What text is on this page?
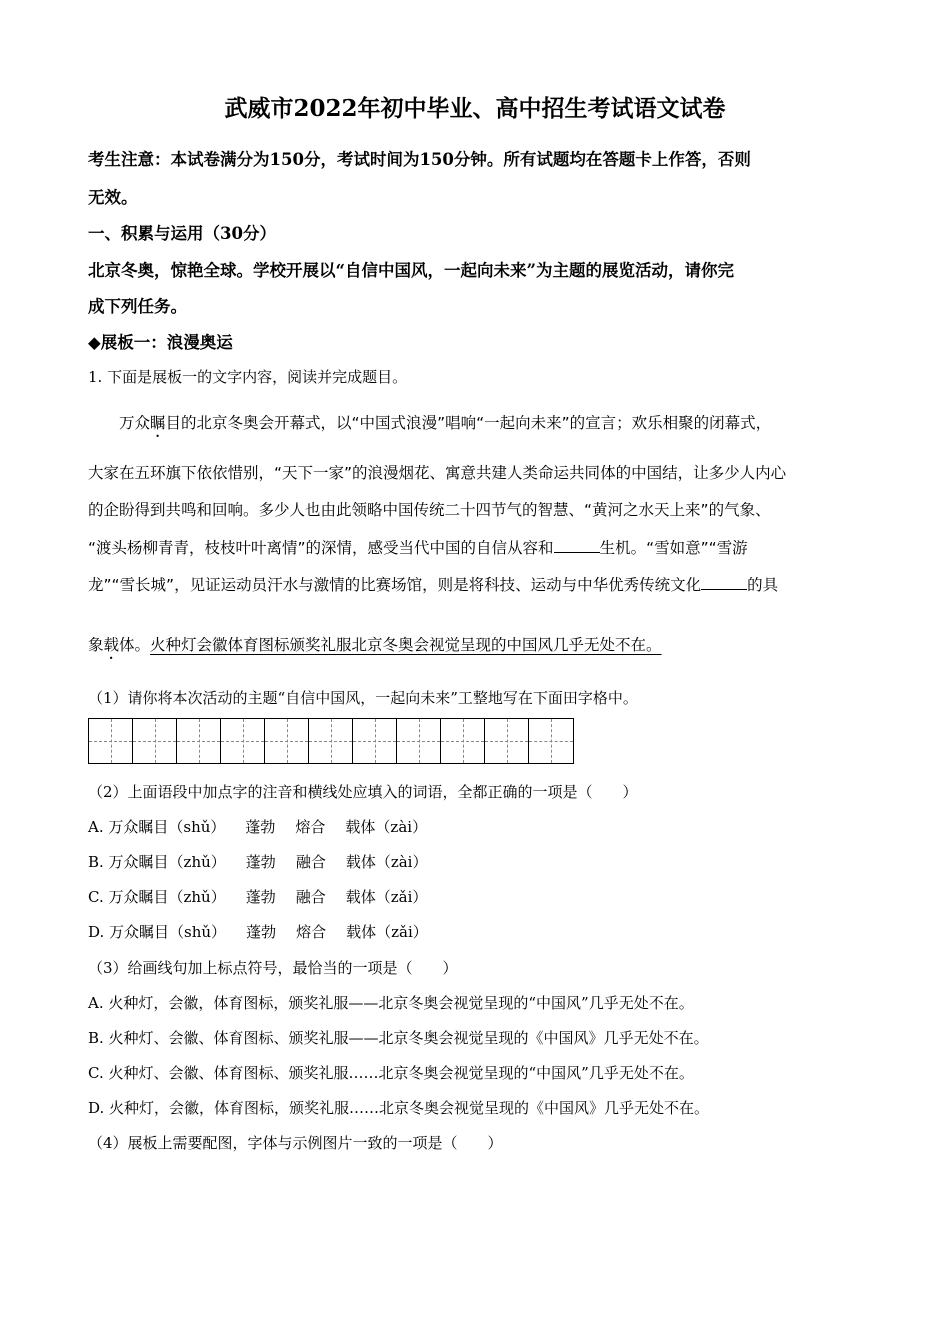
武威市2022年初中毕业、高中招生考试语文试卷
考生注意：本试卷满分为150分，考试时间为150分钟。所有试题均在答题卡上作答，否则
无效。
一、积累与运用（30分）
北京冬奥，惊艳全球。学校开展以“自信中国风，一起向未来”为主题的展览活动，请你完
成下列任务。
◆展板一：浪漫奥运
1. 下面是展板一的文字内容，阅读并完成题目。
万众瞩目的北京冬奥会开幕式，以“中国式浪漫”唱响“一起向未来”的宣言；欢乐相聚的闭幕式，
大家在五环旗下依依惜别，“天下一家”的浪漫烟花、寓意共建人类命运共同体的中国结，让多少人内心
的企盼得到共鸣和回响。多少人也由此领略中国传统二十四节气的智慧、“黄河之水天上来”的气象、
“渡头杨柳青青，枝枝叶叶离情”的深情，感受当代中国的自信从容和	生机。“雪如意”“雪游
龙”“雪长城”，见证运动员汗水与激情的比赛场馆，则是将科技、运动与中华优秀传统文化	的具
象载体。火种灯会徽体育图标颁奖礼服北京冬奥会视觉呈现的中国风几乎无处不在。
（1）请你将本次活动的主题“自信中国风，一起向未来”工整地写在下面田字格中。
（2）上面语段中加点字的注音和横线处应填入的词语，全都正确的一项是（　　）
A. 万众瞩目（shǔ） 蓬勃 熔合 载体（zài）
B. 万众瞩目（zhǔ） 蓬勃 融合 载体（zài）
C. 万众瞩目（zhǔ） 蓬勃 融合 载体（zǎi）
D. 万众瞩目（shǔ） 蓬勃 熔合 载体（zǎi）
（3）给画线句加上标点符号，最恰当的一项是（　　）
A. 火种灯，会徽，体育图标，颁奖礼服——北京冬奥会视觉呈现的“中国风”几乎无处不在。
B. 火种灯、会徽、体育图标、颁奖礼服——北京冬奥会视觉呈现的《中国风》几乎无处不在。
C. 火种灯、会徽、体育图标、颁奖礼服……北京冬奥会视觉呈现的“中国风”几乎无处不在。
D. 火种灯，会徽，体育图标，颁奖礼服……北京冬奥会视觉呈现的《中国风》几乎无处不在。
（4）展板上需要配图，字体与示例图片一致的一项是（　　）
